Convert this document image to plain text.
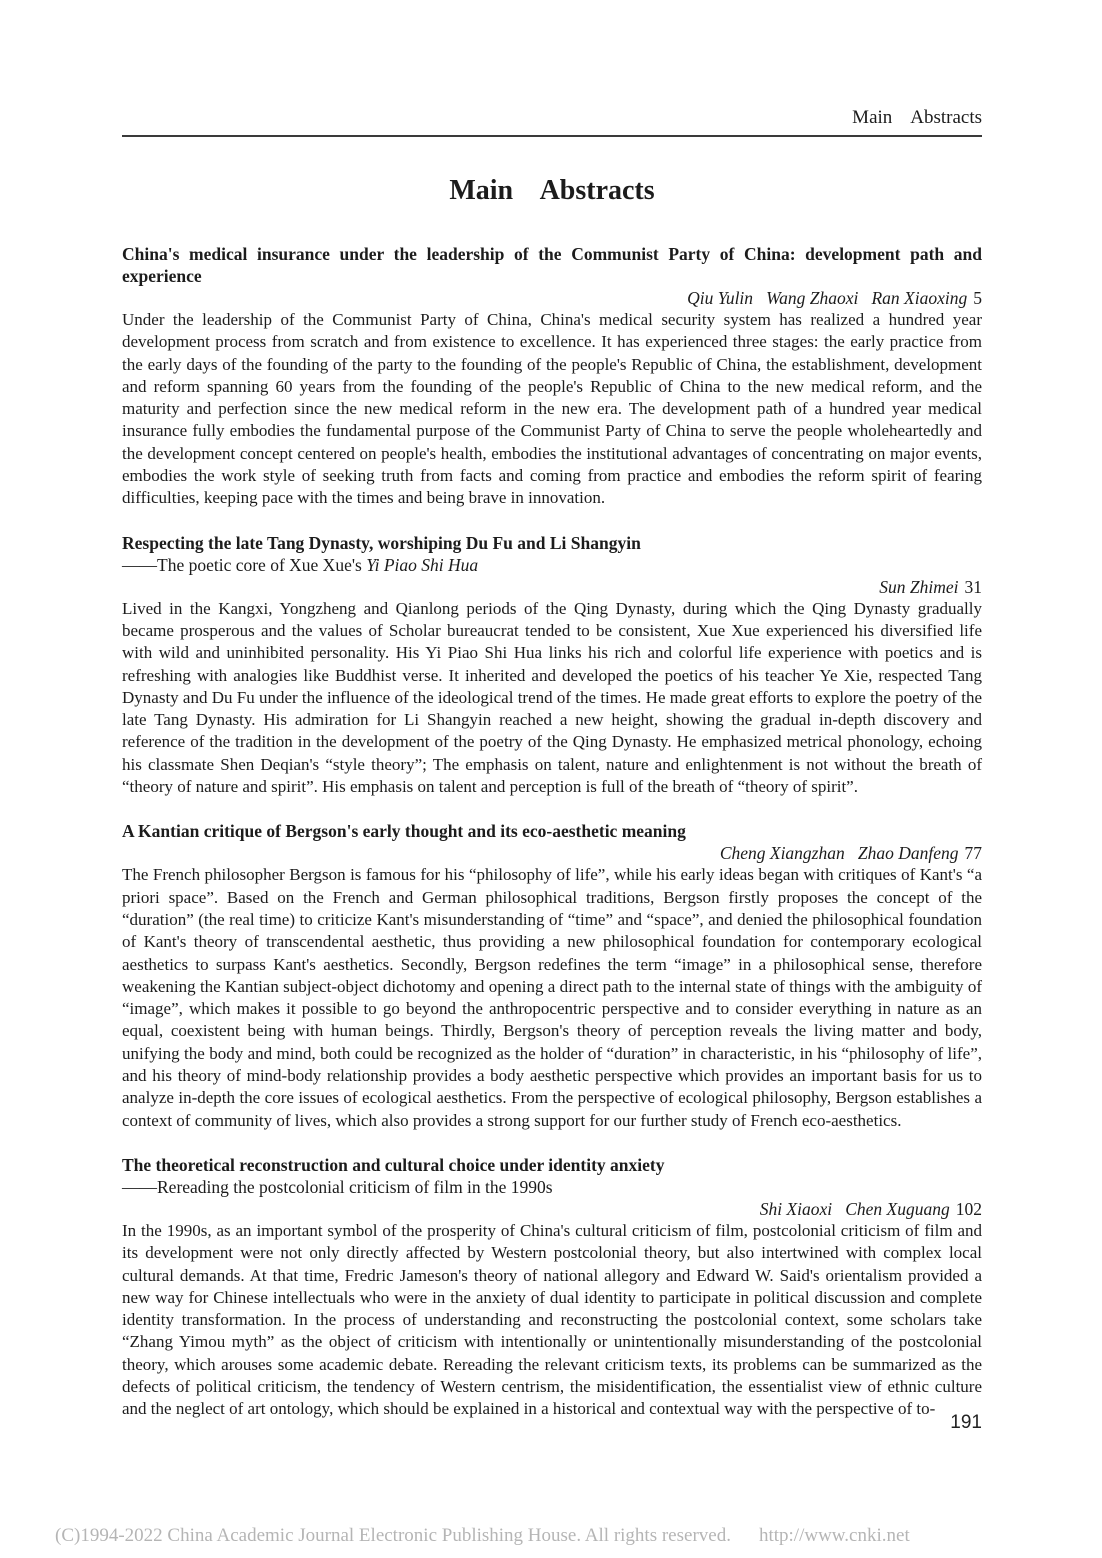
Main    Abstracts
Main    Abstracts
China's medical insurance under the leadership of the Communist Party of China: development path and experience
Qiu Yulin   Wang Zhaoxi   Ran Xiaoxing 5
Under the leadership of the Communist Party of China, China's medical security system has realized a hundred year development process from scratch and from existence to excellence. It has experienced three stages: the early practice from the early days of the founding of the party to the founding of the people's Republic of China, the establishment, development and reform spanning 60 years from the founding of the people's Republic of China to the new medical reform, and the maturity and perfection since the new medical reform in the new era. The development path of a hundred year medical insurance fully embodies the fundamental purpose of the Communist Party of China to serve the people wholeheartedly and the development concept centered on people's health, embodies the institutional advantages of concentrating on major events, embodies the work style of seeking truth from facts and coming from practice and embodies the reform spirit of fearing difficulties, keeping pace with the times and being brave in innovation.
Respecting the late Tang Dynasty, worshiping Du Fu and Li Shangyin
——The poetic core of Xue Xue's Yi Piao Shi Hua
Sun Zhimei 31
Lived in the Kangxi, Yongzheng and Qianlong periods of the Qing Dynasty, during which the Qing Dynasty gradually became prosperous and the values of Scholar bureaucrat tended to be consistent, Xue Xue experienced his diversified life with wild and uninhibited personality. His Yi Piao Shi Hua links his rich and colorful life experience with poetics and is refreshing with analogies like Buddhist verse. It inherited and developed the poetics of his teacher Ye Xie, respected Tang Dynasty and Du Fu under the influence of the ideological trend of the times. He made great efforts to explore the poetry of the late Tang Dynasty. His admiration for Li Shangyin reached a new height, showing the gradual in-depth discovery and reference of the tradition in the development of the poetry of the Qing Dynasty. He emphasized metrical phonology, echoing his classmate Shen Deqian's “style theory”; The emphasis on talent, nature and enlightenment is not without the breath of “theory of nature and spirit”. His emphasis on talent and perception is full of the breath of “theory of spirit”.
A Kantian critique of Bergson's early thought and its eco-aesthetic meaning
Cheng Xiangzhan   Zhao Danfeng 77
The French philosopher Bergson is famous for his “philosophy of life”, while his early ideas began with critiques of Kant's “a priori space”. Based on the French and German philosophical traditions, Bergson firstly proposes the concept of the “duration” (the real time) to criticize Kant's misunderstanding of “time” and “space”, and denied the philosophical foundation of Kant's theory of transcendental aesthetic, thus providing a new philosophical foundation for contemporary ecological aesthetics to surpass Kant's aesthetics. Secondly, Bergson redefines the term “image” in a philosophical sense, therefore weakening the Kantian subject-object dichotomy and opening a direct path to the internal state of things with the ambiguity of “image”, which makes it possible to go beyond the anthropocentric perspective and to consider everything in nature as an equal, coexistent being with human beings. Thirdly, Bergson's theory of perception reveals the living matter and body, unifying the body and mind, both could be recognized as the holder of “duration” in characteristic, in his “philosophy of life”, and his theory of mind-body relationship provides a body aesthetic perspective which provides an important basis for us to analyze in-depth the core issues of ecological aesthetics. From the perspective of ecological philosophy, Bergson establishes a context of community of lives, which also provides a strong support for our further study of French eco-aesthetics.
The theoretical reconstruction and cultural choice under identity anxiety
——Rereading the postcolonial criticism of film in the 1990s
Shi Xiaoxi   Chen Xuguang 102
In the 1990s, as an important symbol of the prosperity of China's cultural criticism of film, postcolonial criticism of film and its development were not only directly affected by Western postcolonial theory, but also intertwined with complex local cultural demands. At that time, Fredric Jameson's theory of national allegory and Edward W. Said's orientalism provided a new way for Chinese intellectuals who were in the anxiety of dual identity to participate in political discussion and complete identity transformation. In the process of understanding and reconstructing the postcolonial context, some scholars take “Zhang Yimou myth” as the object of criticism with intentionally or unintentionally misunderstanding of the postcolonial theory, which arouses some academic debate. Rereading the relevant criticism texts, its problems can be summarized as the defects of political criticism, the tendency of Western centrism, the misidentification, the essentialist view of ethnic culture and the neglect of art ontology, which should be explained in a historical and contextual way with the perspective of to-
191

(C)1994-2022 China Academic Journal Electronic Publishing House. All rights reserved. http://www.cnki.net
